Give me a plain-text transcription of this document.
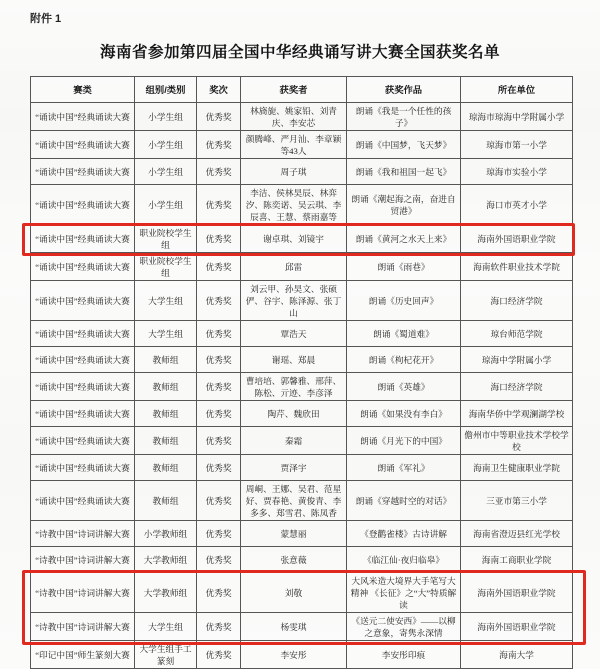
附件 1
海南省参加第四届全国中华经典诵写讲大赛全国获奖名单
赛类	组别/类别	奖次	获奖者	获奖作品	所在单位
“诵读中国”经典诵读大赛	小学生组	优秀奖	林旖旎、姚家铅、刘青庆、李安芯	朗诵《我是一个任性的孩子》	琼海市琼海中学附属小学
“诵读中国”经典诵读大赛	小学生组	优秀奖	颜腾峰、严月汕、李章颖等43人	朗诵《中国梦，飞天梦》	琼海市第一小学
“诵读中国”经典诵读大赛	小学生组	优秀奖	周子琪	朗诵《我和祖国一起飞》	琼海市实验小学
“诵读中国”经典诵读大赛	小学生组	优秀奖	李洁、侯林昊辰、林弈汐、陈奕诺、吴云琪、李辰喜、王慧、蔡雨嘉等	朗诵《潮起海之南，奋进自贸港》	海口市英才小学
“诵读中国”经典诵读大赛	职业院校学生组	优秀奖	谢卓琪、刘镜宇	朗诵《黄河之水天上来》	海南外国语职业学院
“诵读中国”经典诵读大赛	职业院校学生组	优秀奖	邱雷	朗诵《雨巷》	海南软件职业技术学院
“诵读中国”经典诵读大赛	大学生组	优秀奖	刘云甲、孙昊文、张硕俨、谷宇、陈泽源、张丁山	朗诵《历史回声》	海口经济学院
“诵读中国”经典诵读大赛	大学生组	优秀奖	覃浩天	朗诵《蜀道难》	琼台师范学院
“诵读中国”经典诵读大赛	教师组	优秀奖	谢瑶、郑晨	朗诵《枸杞花开》	琼海中学附属小学
“诵读中国”经典诵读大赛	教师组	优秀奖	曹培培、郭馨雅、邢萍、陈松、亓迹、李彦泽	朗诵《英雄》	海口经济学院
“诵读中国”经典诵读大赛	教师组	优秀奖	陶芹、魏欣田	朗诵《如果没有李白》	海南华侨中学观澜湖学校
“诵读中国”经典诵读大赛	教师组	优秀奖	秦霜	朗诵《月光下的中国》	儋州市中等职业技术学校学校
“诵读中国”经典诵读大赛	教师组	优秀奖	贾泽宇	朗诵《军礼》	海南卫生健康职业学院
“诵读中国”经典诵读大赛	教师组	优秀奖	周峒、王娜、吴君、范星好、贾春艳、黄俊青、李多多、郑雪君、陈凤香	朗诵《穿越时空的对话》	三亚市第三小学
“诗教中国”诗词讲解大赛	小学教师组	优秀奖	蒙慧丽	《登鹳雀楼》古诗讲解	海南省澄迈县红光学校
“诗教中国”诗词讲解大赛	大学教师组	优秀奖	张意薇	《临江仙·夜归临皋》	海南工商职业学院
“诗教中国”诗词讲解大赛	大学教师组	优秀奖	刘敬	大风米造大境界大手笔写大精神 《长征》之“大”特质解读	海南外国语职业学院
“诗教中国”诗词讲解大赛	大学生组	优秀奖	杨雯琪	《送元二使安西》——以柳之意象，寄隽永深情	海南外国语职业学院
“印记中国”师生篆刻大赛	大学生组手工篆刻	优秀奖	李安彤	李安彤印痕	海南大学
